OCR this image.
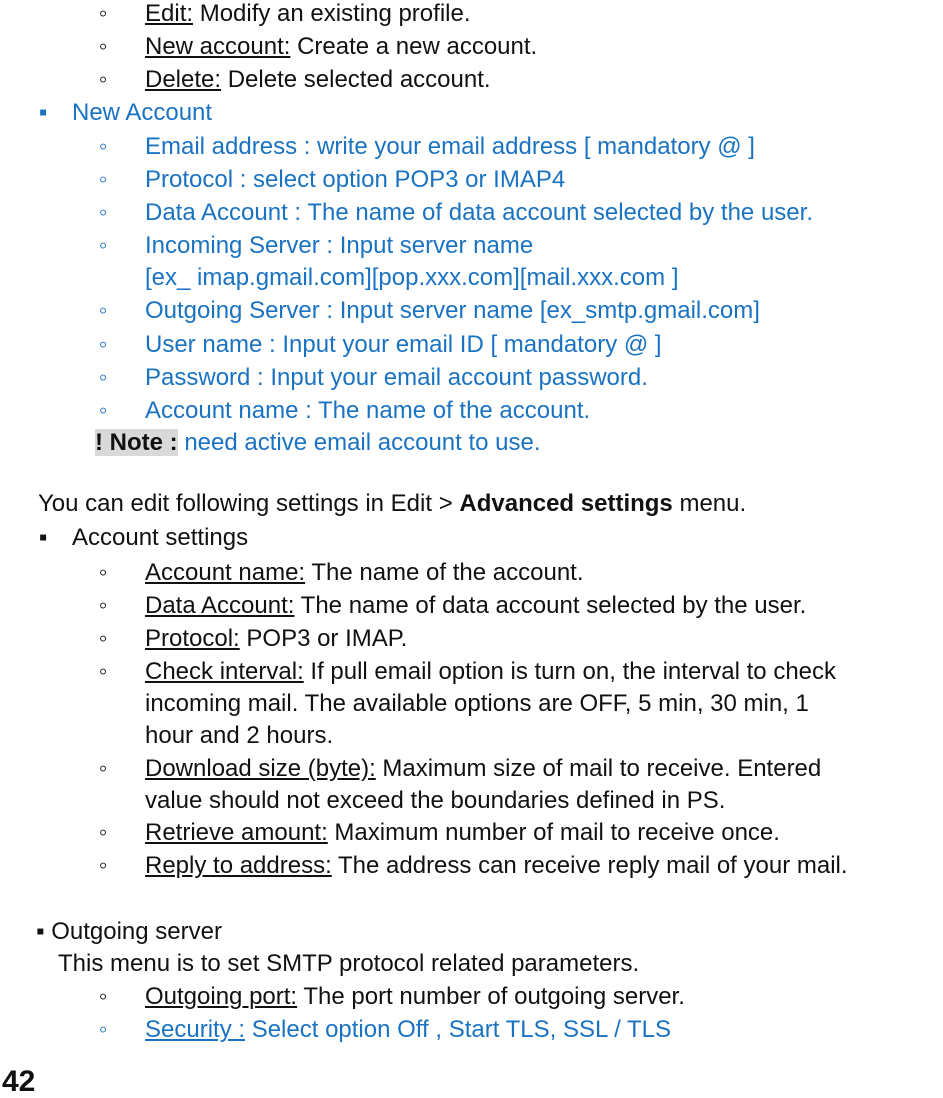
◦	Edit: Modify an existing profile.
◦	New account: Create a new account.
◦	Delete: Delete selected account.
▪	New Account
◦	Email address : write your email address [ mandatory @ ]
◦	Protocol : select option POP3 or IMAP4
◦	Data Account : The name of data account selected by the user.
◦	Incoming Server : Input server name
[ex_ imap.gmail.com][pop.xxx.com][mail.xxx.com ]
◦	Outgoing Server : Input server name [ex_smtp.gmail.com]
◦	User name : Input your email ID [ mandatory @ ]
◦	Password : Input your email account password.
◦	Account name : The name of the account.
! Note : need active email account to use.
You can edit following settings in Edit > Advanced settings menu.
▪	Account settings
◦	Account name: The name of the account.
◦	Data Account: The name of data account selected by the user.
◦	Protocol: POP3 or IMAP.
◦	Check interval: If pull email option is turn on, the interval to check
incoming mail. The available options are OFF, 5 min, 30 min, 1
hour and 2 hours.
◦	Download size (byte): Maximum size of mail to receive. Entered
value should not exceed the boundaries defined in PS.
◦	Retrieve amount: Maximum number of mail to receive once.
◦	Reply to address: The address can receive reply mail of your mail.
▪ Outgoing server
This menu is to set SMTP protocol related parameters.
◦	Outgoing port: The port number of outgoing server.
◦	Security : Select option Off , Start TLS, SSL / TLS
42
